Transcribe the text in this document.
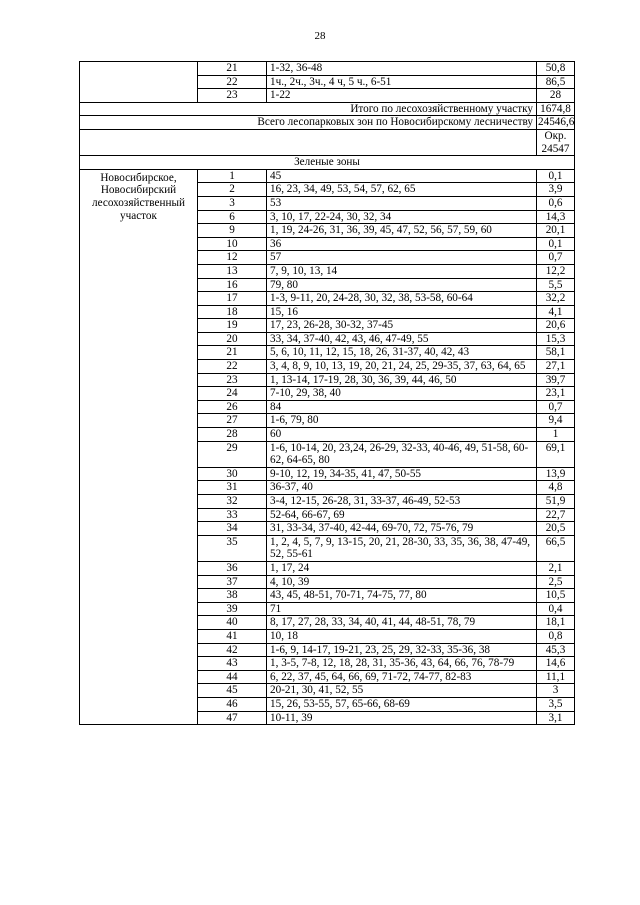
28
	21	1-32, 36-48	50,8
	22	1ч., 2ч., 3ч., 4 ч, 5 ч., 6-51	86,5
	23	1-22	28
Итого по лесохозяйственному участку			1674,8
Всего лесопарковых зон по Новосибирскому лесничеству			24546,6
			Окр. 24547
Зеленые зоны			
Новосибирское, Новосибирский лесохозяйственный участок	1	45	0,1
	2	16, 23, 34, 49, 53, 54, 57, 62, 65	3,9
	3	53	0,6
	6	3, 10, 17, 22-24, 30, 32, 34	14,3
	9	1, 19, 24-26, 31, 36, 39, 45, 47, 52, 56, 57, 59, 60	20,1
	10	36	0,1
	12	57	0,7
	13	7, 9, 10, 13, 14	12,2
	16	79, 80	5,5
	17	1-3, 9-11, 20, 24-28, 30, 32, 38, 53-58, 60-64	32,2
	18	15, 16	4,1
	19	17, 23, 26-28, 30-32, 37-45	20,6
	20	33, 34, 37-40, 42, 43, 46, 47-49, 55	15,3
	21	5, 6, 10, 11, 12, 15, 18, 26, 31-37, 40, 42, 43	58,1
	22	3, 4, 8, 9, 10, 13, 19, 20, 21, 24, 25, 29-35, 37, 63, 64, 65	27,1
	23	1, 13-14, 17-19, 28, 30, 36, 39, 44, 46, 50	39,7
	24	7-10, 29, 38, 40	23,1
	26	84	0,7
	27	1-6, 79, 80	9,4
	28	60	1
	29	1-6, 10-14, 20, 23,24, 26-29, 32-33, 40-46, 49, 51-58, 60-62, 64-65, 80	69,1
	30	9-10, 12, 19, 34-35, 41, 47, 50-55	13,9
	31	36-37, 40	4,8
	32	3-4, 12-15, 26-28, 31, 33-37, 46-49, 52-53	51,9
	33	52-64, 66-67, 69	22,7
	34	31, 33-34, 37-40, 42-44, 69-70, 72, 75-76, 79	20,5
	35	1, 2, 4, 5, 7, 9, 13-15, 20, 21, 28-30, 33, 35, 36, 38, 47-49, 52, 55-61	66,5
	36	1, 17, 24	2,1
	37	4, 10, 39	2,5
	38	43, 45, 48-51, 70-71, 74-75, 77, 80	10,5
	39	71	0,4
	40	8, 17, 27, 28, 33, 34, 40, 41, 44, 48-51, 78, 79	18,1
	41	10, 18	0,8
	42	1-6, 9, 14-17, 19-21, 23, 25, 29, 32-33, 35-36, 38	45,3
	43	1, 3-5, 7-8, 12, 18, 28, 31, 35-36, 43, 64, 66, 76, 78-79	14,6
	44	6, 22, 37, 45, 64, 66, 69, 71-72, 74-77, 82-83	11,1
	45	20-21, 30, 41, 52, 55	3
	46	15, 26, 53-55, 57, 65-66, 68-69	3,5
	47	10-11, 39	3,1
